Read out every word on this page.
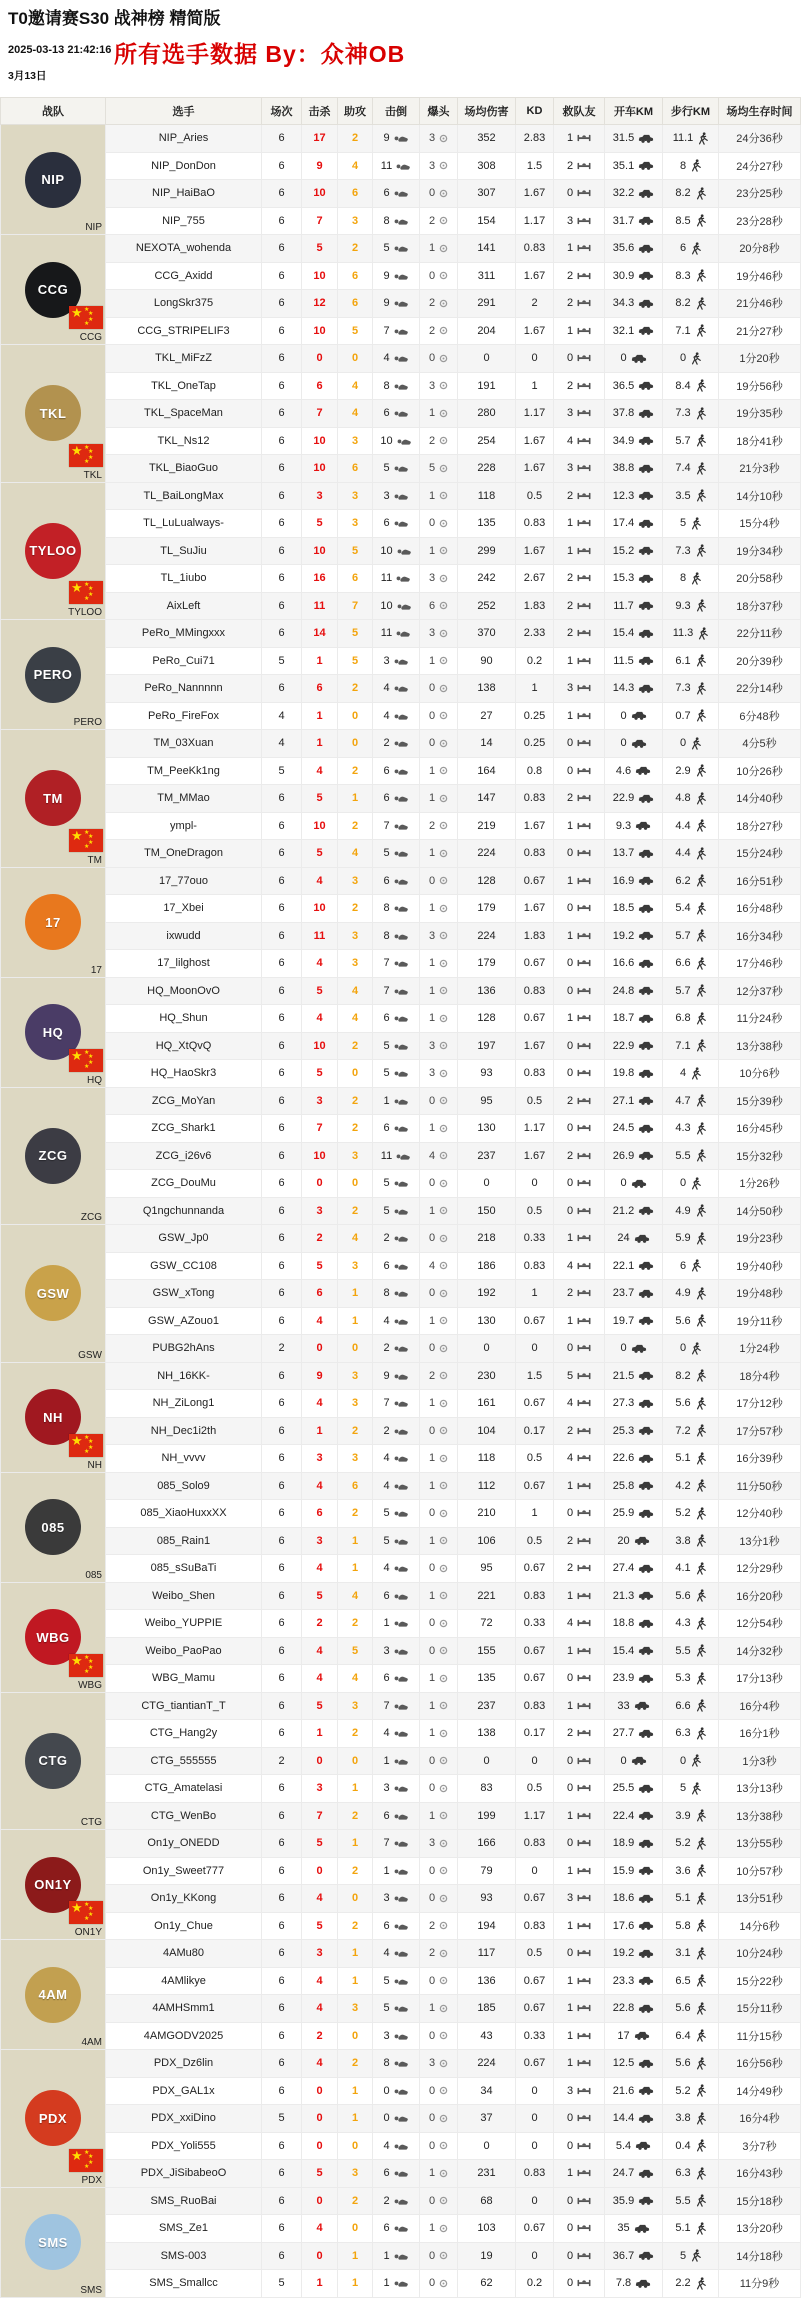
T0邀请赛S30 战神榜 精简版
2025-03-13 21:42:16
3月13日
所有选手数据 By：众神OB
战队	选手	场次	击杀	助攻	击倒	爆头	场均伤害	KD	救队友	开车KM	步行KM	场均生存时间

NIP
NIP	NIP_Aries	6	17	2	9	3	352	2.83	1	31.5	11.1	24分36秒
	NIP_DonDon	6	9	4	11	3	308	1.5	2	35.1	8	24分27秒
	NIP_HaiBaO	6	10	6	6	0	307	1.67	0	32.2	8.2	23分25秒
	NIP_755	6	7	3	8	2	154	1.17	3	31.7	8.5	23分28秒

CCG
★ ★
★
★
★
CCG
	NEXOTA_wohenda	6	5	2	5	1	141	0.83	1	35.6	6	20分8秒
	CCG_Axidd	6	10	6	9	0	311	1.67	2	30.9	8.3	19分46秒
	LongSkr375	6	12	6	9	2	291	2	2	34.3	8.2	21分46秒
	CCG_STRIPELIF3	6	10	5	7	2	204	1.67	1	32.1	7.1	21分27秒

TKL
★ ★
★
★
★
TKL
	TKL_MiFzZ	6	0	0	4	0	0	0	0	0	0	1分20秒
	TKL_OneTap	6	6	4	8	3	191	1	2	36.5	8.4	19分56秒
	TKL_SpaceMan	6	7	4	6	1	280	1.17	3	37.8	7.3	19分35秒
	TKL_Ns12	6	10	3	10	2	254	1.67	4	34.9	5.7	18分41秒
	TKL_BiaoGuo	6	10	6	5	5	228	1.67	3	38.8	7.4	21分3秒

TYLOO
★ ★
★
★
★
TYLOO
	TL_BaiLongMax	6	3	3	3	1	118	0.5	2	12.3	3.5	14分10秒
	TL_LuLualways-	6	5	3	6	0	135	0.83	1	17.4	5	15分4秒
	TL_SuJiu	6	10	5	10	1	299	1.67	1	15.2	7.3	19分34秒
	TL_1iubo	6	16	6	11	3	242	2.67	2	15.3	8	20分58秒
	AixLeft	6	11	7	10	6	252	1.83	2	11.7	9.3	18分37秒

PERO
PERO	PeRo_MMingxxx	6	14	5	11	3	370	2.33	2	15.4	11.3	22分11秒
	PeRo_Cui71	5	1	5	3	1	90	0.2	1	11.5	6.1	20分39秒
	PeRo_Nannnnn	6	6	2	4	0	138	1	3	14.3	7.3	22分14秒
	PeRo_FireFox	4	1	0	4	0	27	0.25	1	0	0.7	6分48秒

TM
★ ★
★
★
★
TM
	TM_03Xuan	4	1	0	2	0	14	0.25	0	0	0	4分5秒
	TM_PeeKk1ng	5	4	2	6	1	164	0.8	0	4.6	2.9	10分26秒
	TM_MMao	6	5	1	6	1	147	0.83	2	22.9	4.8	14分40秒
	ympl-	6	10	2	7	2	219	1.67	1	9.3	4.4	18分27秒
	TM_OneDragon	6	5	4	5	1	224	0.83	0	13.7	4.4	15分24秒

17
17	17_77ouo	6	4	3	6	0	128	0.67	1	16.9	6.2	16分51秒
	17_Xbei	6	10	2	8	1	179	1.67	0	18.5	5.4	16分48秒
	ixwudd	6	11	3	8	3	224	1.83	1	19.2	5.7	16分34秒
	17_lilghost	6	4	3	7	1	179	0.67	0	16.6	6.6	17分46秒

HQ
★ ★
★
★
★
HQ
	HQ_MoonOvO	6	5	4	7	1	136	0.83	0	24.8	5.7	12分37秒
	HQ_Shun	6	4	4	6	1	128	0.67	1	18.7	6.8	11分24秒
	HQ_XtQvQ	6	10	2	5	3	197	1.67	0	22.9	7.1	13分38秒
	HQ_HaoSkr3	6	5	0	5	3	93	0.83	0	19.8	4	10分6秒

ZCG
ZCG	ZCG_MoYan	6	3	2	1	0	95	0.5	2	27.1	4.7	15分39秒
	ZCG_Shark1	6	7	2	6	1	130	1.17	0	24.5	4.3	16分45秒
	ZCG_i26v6	6	10	3	11	4	237	1.67	2	26.9	5.5	15分32秒
	ZCG_DouMu	6	0	0	5	0	0	0	0	0	0	1分26秒
	Q1ngchunnanda	6	3	2	5	1	150	0.5	0	21.2	4.9	14分50秒

GSW
GSW	GSW_Jp0	6	2	4	2	0	218	0.33	1	24	5.9	19分23秒
	GSW_CC108	6	5	3	6	4	186	0.83	4	22.1	6	19分40秒
	GSW_xTong	6	6	1	8	0	192	1	2	23.7	4.9	19分48秒
	GSW_AZouo1	6	4	1	4	1	130	0.67	1	19.7	5.6	19分11秒
	PUBG2hAns	2	0	0	2	0	0	0	0	0	0	1分24秒

NH
★ ★
★
★
★
NH
	NH_16KK-	6	9	3	9	2	230	1.5	5	21.5	8.2	18分4秒
	NH_ZiLong1	6	4	3	7	1	161	0.67	4	27.3	5.6	17分12秒
	NH_Dec1i2th	6	1	2	2	0	104	0.17	2	25.3	7.2	17分57秒
	NH_vvvv	6	3	3	4	1	118	0.5	4	22.6	5.1	16分39秒

085
085	085_Solo9	6	4	6	4	1	112	0.67	1	25.8	4.2	11分50秒
	085_XiaoHuxxXX	6	6	2	5	0	210	1	0	25.9	5.2	12分40秒
	085_Rain1	6	3	1	5	1	106	0.5	2	20	3.8	13分1秒
	085_sSuBaTi	6	4	1	4	0	95	0.67	2	27.4	4.1	12分29秒

WBG
★ ★
★
★
★
WBG
	Weibo_Shen	6	5	4	6	1	221	0.83	1	21.3	5.6	16分20秒
	Weibo_YUPPIE	6	2	2	1	0	72	0.33	4	18.8	4.3	12分54秒
	Weibo_PaoPao	6	4	5	3	0	155	0.67	1	15.4	5.5	14分32秒
	WBG_Mamu	6	4	4	6	1	135	0.67	0	23.9	5.3	17分13秒

CTG
CTG	CTG_tiantianT_T	6	5	3	7	1	237	0.83	1	33	6.6	16分4秒
	CTG_Hang2y	6	1	2	4	1	138	0.17	2	27.7	6.3	16分1秒
	CTG_555555	2	0	0	1	0	0	0	0	0	0	1分3秒
	CTG_Amatelasi	6	3	1	3	0	83	0.5	0	25.5	5	13分13秒
	CTG_WenBo	6	7	2	6	1	199	1.17	1	22.4	3.9	13分38秒

ON1Y
★ ★
★
★
★
ON1Y
	On1y_ONEDD	6	5	1	7	3	166	0.83	0	18.9	5.2	13分55秒
	On1y_Sweet777	6	0	2	1	0	79	0	1	15.9	3.6	10分57秒
	On1y_KKong	6	4	0	3	0	93	0.67	3	18.6	5.1	13分51秒
	On1y_Chue	6	5	2	6	2	194	0.83	1	17.6	5.8	14分6秒

4AM
4AM	4AMu80	6	3	1	4	2	117	0.5	0	19.2	3.1	10分24秒
	4AMlikye	6	4	1	5	0	136	0.67	1	23.3	6.5	15分22秒
	4AMHSmm1	6	4	3	5	1	185	0.67	1	22.8	5.6	15分11秒
	4AMGODV2025	6	2	0	3	0	43	0.33	1	17	6.4	11分15秒

PDX
★ ★
★
★
★
PDX
	PDX_Dz6lin	6	4	2	8	3	224	0.67	1	12.5	5.6	16分56秒
	PDX_GAL1x	6	0	1	0	0	34	0	3	21.6	5.2	14分49秒
	PDX_xxiDino	5	0	1	0	0	37	0	0	14.4	3.8	16分4秒
	PDX_Yoli555	6	0	0	4	0	0	0	0	5.4	0.4	3分7秒
	PDX_JiSibabeoO	6	5	3	6	1	231	0.83	1	24.7	6.3	16分43秒

SMS
SMS	SMS_RuoBai	6	0	2	2	0	68	0	0	35.9	5.5	15分18秒
	SMS_Ze1	6	4	0	6	1	103	0.67	0	35	5.1	13分20秒
	SMS-003	6	0	1	1	0	19	0	0	36.7	5	14分18秒
	SMS_Smallcc	5	1	1	1	0	62	0.2	0	7.8	2.2	11分9秒
